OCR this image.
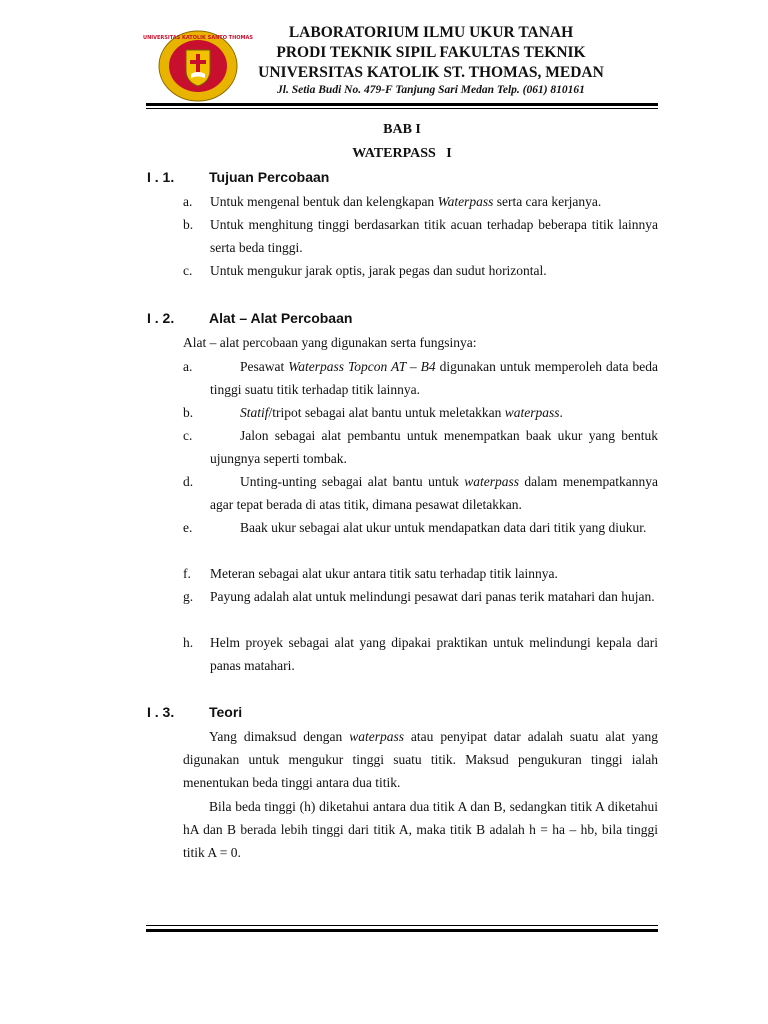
UNIVERSITAS KATOLIK SANTO THOMAS	LABORATORIUM ILMU UKUR TANAH
PRODI TEKNIK SIPIL FAKULTAS TEKNIK
UNIVERSITAS KATOLIK ST. THOMAS, MEDAN
Jl. Setia Budi No. 479-F Tanjung Sari Medan Telp. (061) 810161
BAB I
WATERPASS   I
I . 1. Tujuan Percobaan
a.	Untuk mengenal bentuk dan kelengkapan Waterpass serta cara kerjanya.
b.	Untuk menghitung tinggi berdasarkan titik acuan terhadap beberapa titik lainnya serta beda tinggi.
c.	Untuk mengukur jarak optis, jarak pegas dan sudut horizontal.
I . 2. Alat – Alat Percobaan
Alat – alat percobaan yang digunakan serta fungsinya:
a.	Pesawat Waterpass Topcon AT – B4 digunakan untuk memperoleh data beda tinggi suatu titik terhadap titik lainnya.
b.	Statif/tripot sebagai alat bantu untuk meletakkan waterpass.
c.	Jalon sebagai alat pembantu untuk menempatkan baak ukur yang bentuk ujungnya seperti tombak.
d.	Unting-unting sebagai alat bantu untuk waterpass dalam menempatkannya agar tepat berada di atas titik, dimana pesawat diletakkan.
e.	Baak ukur sebagai alat ukur untuk mendapatkan data dari titik yang diukur.
f.	Meteran sebagai alat ukur antara titik satu terhadap titik lainnya.
g.	Payung adalah alat untuk melindungi pesawat dari panas terik matahari dan hujan.
h.	Helm proyek sebagai alat yang dipakai praktikan untuk melindungi kepala dari panas matahari.
I . 3. Teori
Yang dimaksud dengan waterpass atau penyipat datar adalah suatu alat yang digunakan untuk mengukur tinggi suatu titik. Maksud pengukuran tinggi ialah menentukan beda tinggi antara dua titik.
Bila beda tinggi (h) diketahui antara dua titik A dan B, sedangkan titik A diketahui hA dan B berada lebih tinggi dari titik A, maka titik B adalah h = ha – hb, bila tinggi titik A = 0.
